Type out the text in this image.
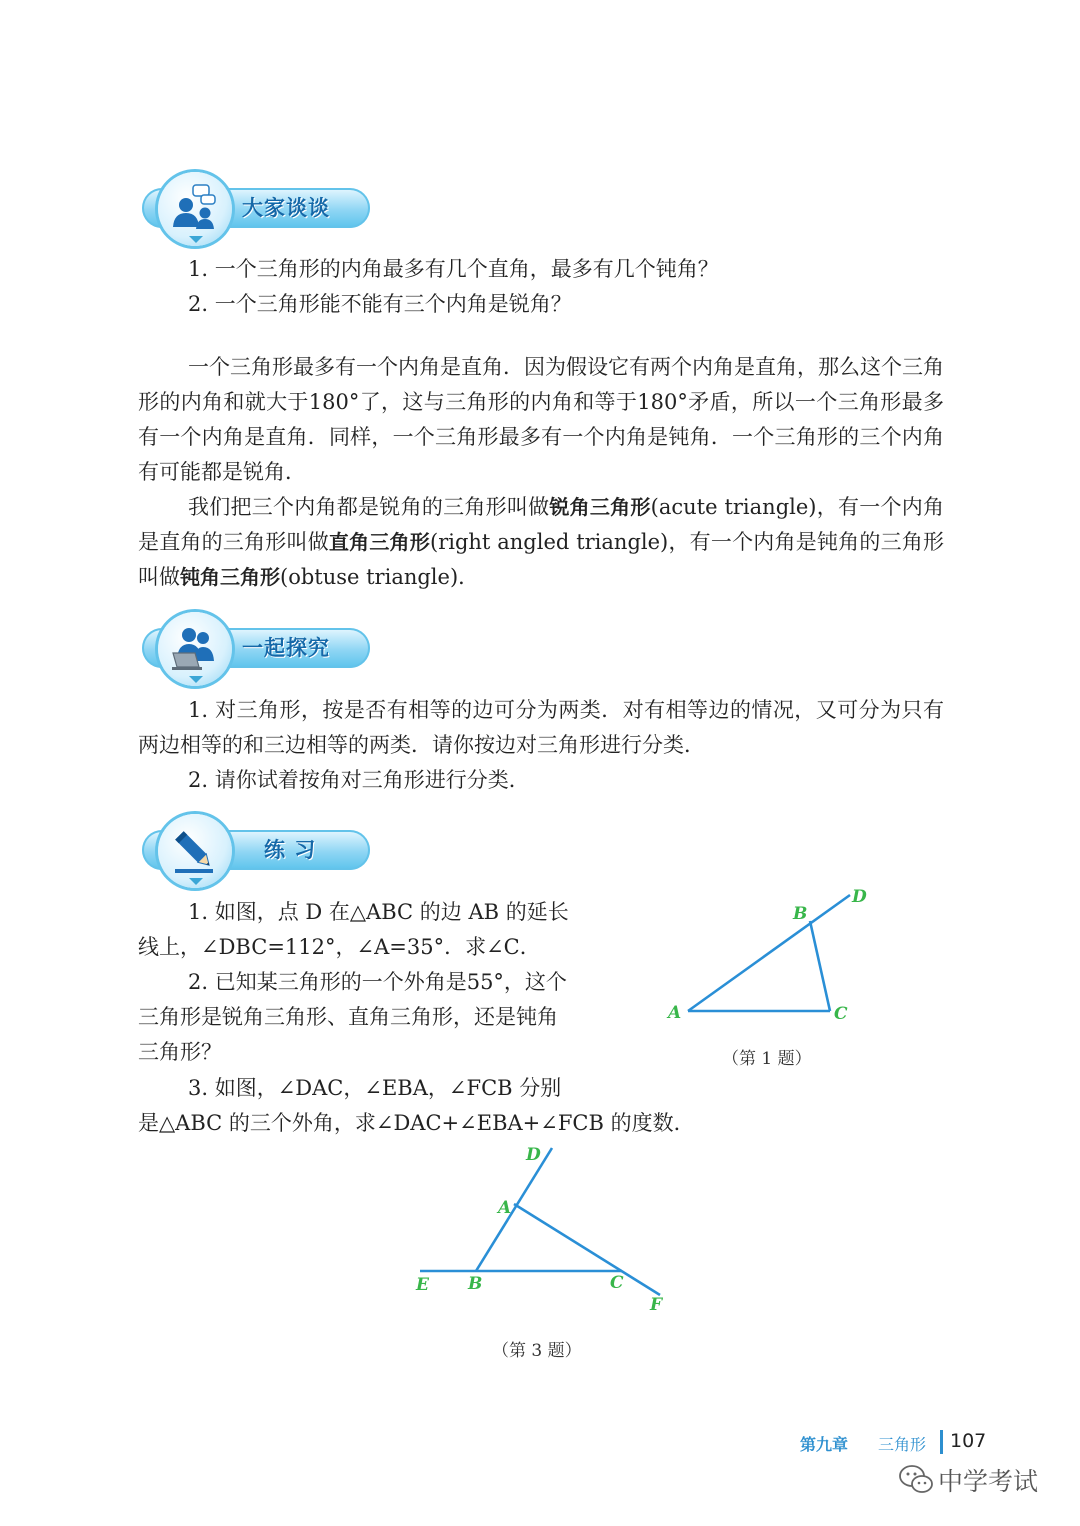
大家谈谈
1. 一个三角形的内角最多有几个直角，最多有几个钝角？
2. 一个三角形能不能有三个内角是锐角？

一个三角形最多有一个内角是直角．因为假设它有两个内角是直角，那么这个三角形的内角和就大于180°了，这与三角形的内角和等于180°矛盾，所以一个三角形最多有一个内角是直角．同样，一个三角形最多有一个内角是钝角．一个三角形的三个内角有可能都是锐角．

我们把三个内角都是锐角的三角形叫做锐角三角形(acute triangle)，有一个内角是直角的三角形叫做直角三角形(right angled triangle)，有一个内角是钝角的三角形叫做钝角三角形(obtuse triangle)．

一起探究

1. 对三角形，按是否有相等的边可分为两类．对有相等边的情况，又可分为只有两边相等的和三边相等的两类．请你按边对三角形进行分类．

2. 请你试着按角对三角形进行分类．
练 习
1. 如图，点 D 在△ABC 的边 AB 的延长
线上，∠DBC=112°，∠A=35°．求∠C．
2. 已知某三角形的一个外角是55°，这个
三角形是锐角三角形、直角三角形，还是钝角
三角形？
3. 如图，∠DAC，∠EBA，∠FCB 分别
是△ABC 的三个外角，求∠DAC+∠EBA+∠FCB 的度数．
A
B
C
D
（第 1 题）
D
A
E B	C
F
（第 3 题）
第九章 三角形 107
中学考试
